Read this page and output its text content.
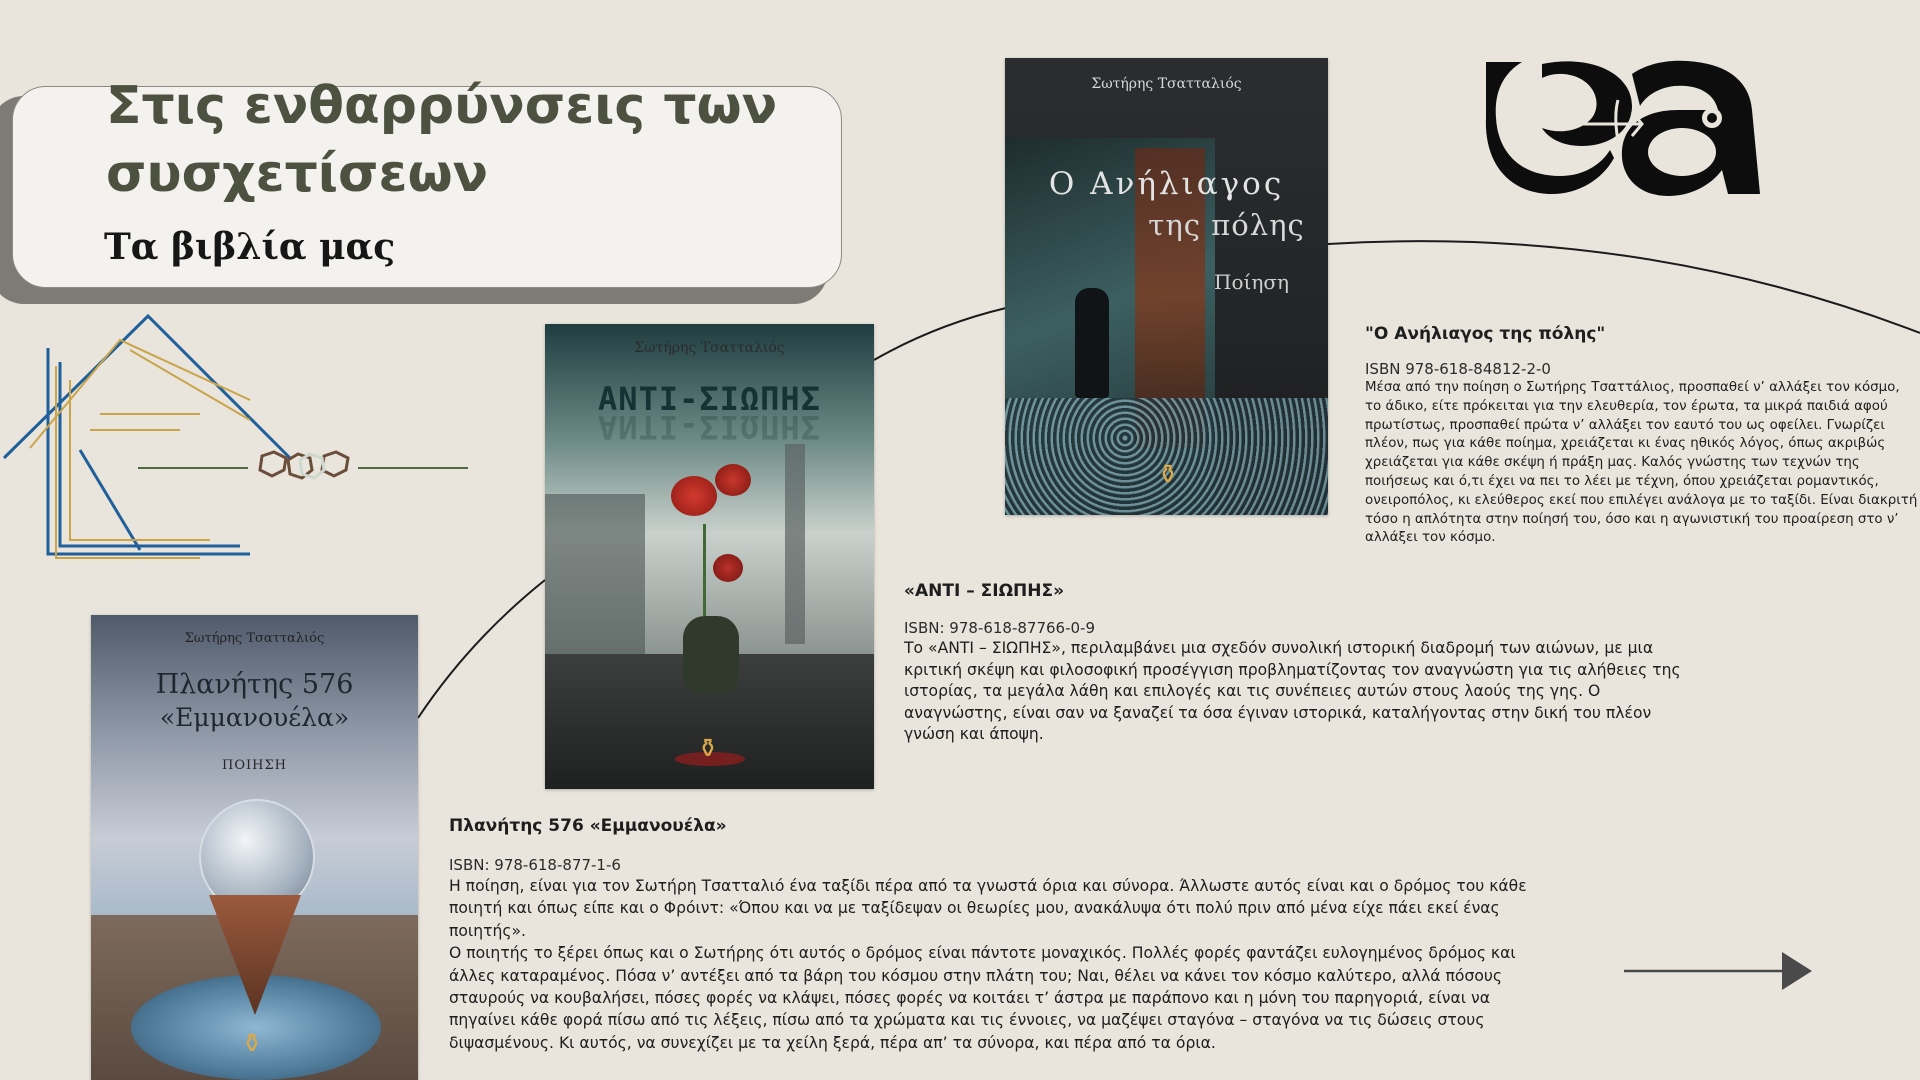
Στις ενθαρρύνσεις των συσχετίσεων
Τα βιβλία μας
Σωτήρης Τσατταλιός
Ο Ανήλιαγος
της πόλης
Ποίηση
⚱
Σωτήρης Τσατταλιός
ΑΝΤΙ-ΣΙΩΠΗΣ
ΑΝΤΙ-ΣΙΩΠΗΣ
⚱
Σωτήρης Τσατταλιός
Πλανήτης 576
«Εμμανουέλα»
ΠΟΙΗΣΗ
⚱
"Ο Ανήλιαγος της πόλης"
ISBN 978-618-84812-2-0

Μέσα από την ποίηση ο Σωτήρης Τσαττάλιος, προσπαθεί ν’ αλλάξει τον κόσμο, το άδικο, είτε πρόκειται για την ελευθερία, τον έρωτα, τα μικρά παιδιά αφού πρωτίστως, προσπαθεί πρώτα ν’ αλλάξει τον εαυτό του ως οφείλει. Γνωρίζει πλέον, πως για κάθε ποίημα, χρειάζεται κι ένας ηθικός λόγος, όπως ακριβώς χρειάζεται για κάθε σκέψη ή πράξη μας. Καλός γνώστης των τεχνών της ποιήσεως και ό,τι έχει να πει το λέει με τέχνη, όπου χρειάζεται ρομαντικός, ονειροπόλος, κι ελεύθερος εκεί που επιλέγει ανάλογα με το ταξίδι. Είναι διακριτή τόσο η απλότητα στην ποίησή του, όσο και η αγωνιστική του προαίρεση στο ν’ αλλάξει τον κόσμο.

«ΑΝΤΙ – ΣΙΩΠΗΣ»
ISBN: 978-618-87766-0-9

Το «ΑΝΤΙ – ΣΙΩΠΗΣ», περιλαμβάνει μια σχεδόν συνολική ιστορική διαδρομή των αιώνων, με μια κριτική σκέψη και φιλοσοφική προσέγγιση προβληματίζοντας τον αναγνώστη για τις αλήθειες της ιστορίας, τα μεγάλα λάθη και επιλογές και τις συνέπειες αυτών στους λαούς της γης. Ο αναγνώστης, είναι σαν να ξαναζεί τα όσα έγιναν ιστορικά, καταλήγοντας στην δική του πλέον γνώση και άποψη.

Πλανήτης 576 «Εμμανουέλα»
ISBN: 978-618-877-1-6

Η ποίηση, είναι για τον Σωτήρη Τσατταλιό ένα ταξίδι πέρα από τα γνωστά όρια και σύνορα. Άλλωστε αυτός είναι και ο δρόμος του κάθε ποιητή και όπως είπε και ο Φρόιντ: «Όπου και να με ταξίδεψαν οι θεωρίες μου, ανακάλυψα ότι πολύ πριν από μένα είχε πάει εκεί ένας ποιητής».

Ο ποιητής το ξέρει όπως και ο Σωτήρης ότι αυτός ο δρόμος είναι πάντοτε μοναχικός. Πολλές φορές φαντάζει ευλογημένος δρόμος και άλλες καταραμένος. Πόσα ν’ αντέξει από τα βάρη του κόσμου στην πλάτη του; Ναι, θέλει να κάνει τον κόσμο καλύτερο, αλλά πόσους σταυρούς να κουβαλήσει, πόσες φορές να κλάψει, πόσες φορές να κοιτάει τ’ άστρα με παράπονο και η μόνη του παρηγοριά, είναι να πηγαίνει κάθε φορά πίσω από τις λέξεις, πίσω από τα χρώματα και τις έννοιες, να μαζέψει σταγόνα – σταγόνα να τις δώσεις στους διψασμένους. Κι αυτός, να συνεχίζει με τα χείλη ξερά, πέρα απ’ τα σύνορα, και πέρα από τα όρια.
